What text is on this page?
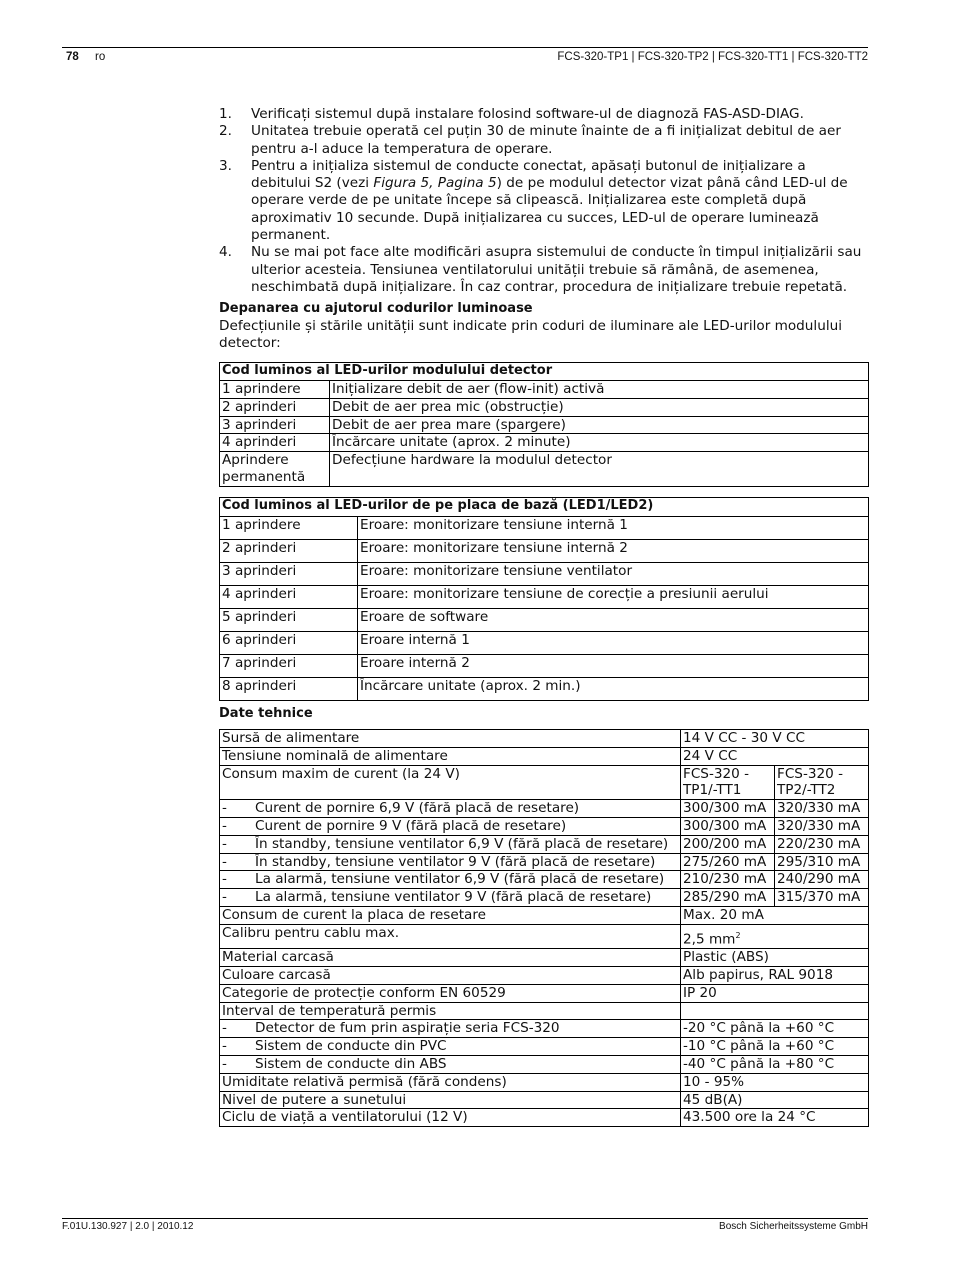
78 ro	FCS-320-TP1 | FCS-320-TP2 | FCS-320-TT1 | FCS-320-TT2
1. Verificați sistemul după instalare folosind software-ul de diagnoză FAS-ASD-DIAG.
2. Unitatea trebuie operată cel puțin 30 de minute înainte de a fi inițializat debitul de aer pentru a-l aduce la temperatura de operare.
3. Pentru a inițializa sistemul de conducte conectat, apăsați butonul de inițializare a debitului S2 (vezi Figura 5, Pagina 5) de pe modulul detector vizat până când LED-ul de operare verde de pe unitate începe să clipească. Inițializarea este completă după aproximativ 10 secunde. După inițializarea cu succes, LED-ul de operare luminează permanent.
4. Nu se mai pot face alte modificări asupra sistemului de conducte în timpul inițializării sau ulterior acesteia. Tensiunea ventilatorului unității trebuie să rămână, de asemenea, neschimbată după inițializare. În caz contrar, procedura de inițializare trebuie repetată.
Depanarea cu ajutorul codurilor luminoase

Defecțiunile și stările unității sunt indicate prin coduri de iluminare ale LED-urilor modulului detector:

Cod luminos al LED-urilor modulului detector	
1 aprindere	Inițializare debit de aer (flow-init) activă
2 aprinderi	Debit de aer prea mic (obstrucție)
3 aprinderi	Debit de aer prea mare (spargere)
4 aprinderi	Încărcare unitate (aprox. 2 minute)
Aprindere permanentă	Defecțiune hardware la modulul detector
Cod luminos al LED-urilor de pe placa de bază (LED1/LED2)	
1 aprindere	Eroare: monitorizare tensiune internă 1
2 aprinderi	Eroare: monitorizare tensiune internă 2
3 aprinderi	Eroare: monitorizare tensiune ventilator
4 aprinderi	Eroare: monitorizare tensiune de corecție a presiunii aerului
5 aprinderi	Eroare de software
6 aprinderi	Eroare internă 1
7 aprinderi	Eroare internă 2
8 aprinderi	Încărcare unitate (aprox. 2 min.)
Date tehnice
Sursă de alimentare	14 V CC - 30 V CC	
Tensiune nominală de alimentare	24 V CC	
Consum maxim de curent (la 24 V)	FCS-320 -TP1/-TT1	FCS-320 -TP2/-TT2
- Curent de pornire 6,9 V (fără placă de resetare)	300/300 mA	320/330 mA
- Curent de pornire 9 V (fără placă de resetare)	300/300 mA	320/330 mA
- În standby, tensiune ventilator 6,9 V (fără placă de resetare)	200/200 mA	220/230 mA
- În standby, tensiune ventilator 9 V (fără placă de resetare)	275/260 mA	295/310 mA
- La alarmă, tensiune ventilator 6,9 V (fără placă de resetare)	210/230 mA	240/290 mA
- La alarmă, tensiune ventilator 9 V (fără placă de resetare)	285/290 mA	315/370 mA
Consum de curent la placa de resetare	Max. 20 mA	
Calibru pentru cablu max.	2,5 $mm^2$
Material carcasă	Plastic (ABS)	
Culoare carcasă	Alb papirus, RAL 9018	
Categorie de protecție conform EN 60529	IP 20	
Interval de temperatură permis		
- Detector de fum prin aspirație seria FCS-320	-20 °C până la +60 °C	
- Sistem de conducte din PVC	-10 °C până la +60 °C	
- Sistem de conducte din ABS	-40 °C până la +80 °C	
Umiditate relativă permisă (fără condens)	10 - 95%	
Nivel de putere a sunetului	45 dB(A)	
Ciclu de viață a ventilatorului (12 V)	43.500 ore la 24 °C	
F.01U.130.927 | 2.0 | 2010.12	Bosch Sicherheitssysteme GmbH
